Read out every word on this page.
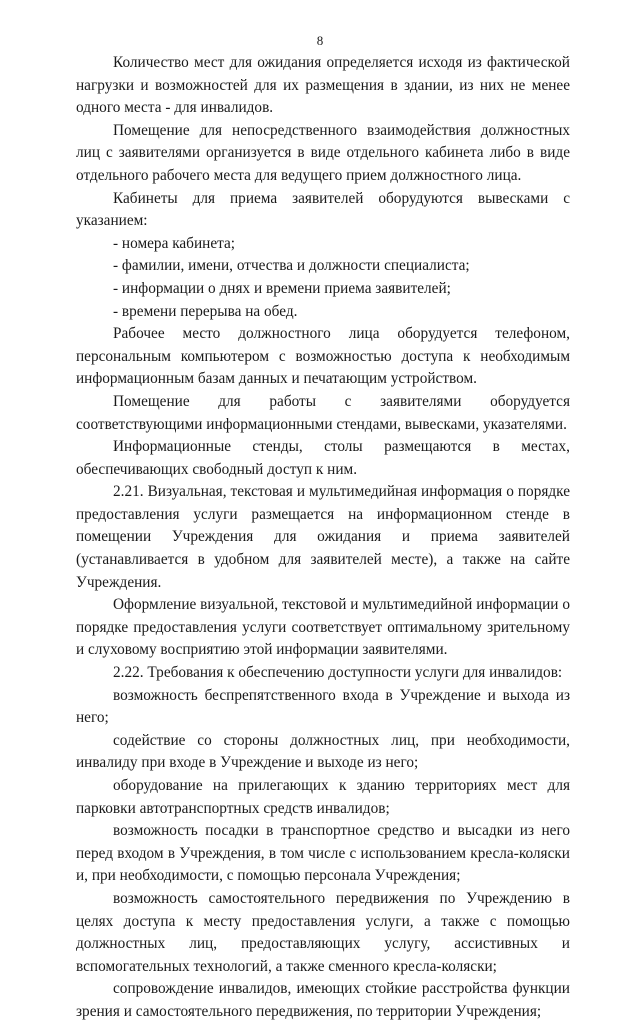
8

Количество мест для ожидания определяется исходя из фактической нагрузки и возможностей для их размещения в здании, из них не менее одного места - для инвалидов.

Помещение для непосредственного взаимодействия должностных лиц с заявителями организуется в виде отдельного кабинета либо в виде отдельного рабочего места для ведущего прием должностного лица.

Кабинеты для приема заявителей оборудуются вывесками с указанием:

- номера кабинета;

- фамилии, имени, отчества и должности специалиста;

- информации о днях и времени приема заявителей;

- времени перерыва на обед.

Рабочее место должностного лица оборудуется телефоном, персональным компьютером с возможностью доступа к необходимым информационным базам данных и печатающим устройством.

Помещение для работы с заявителями оборудуется соответствующими информационными стендами, вывесками, указателями.

Информационные стенды, столы размещаются в местах, обеспечивающих свободный доступ к ним.

2.21. Визуальная, текстовая и мультимедийная информация о порядке предоставления услуги размещается на информационном стенде в помещении Учреждения для ожидания и приема заявителей (устанавливается в удобном для заявителей месте), а также на сайте Учреждения.

Оформление визуальной, текстовой и мультимедийной информации о порядке предоставления услуги соответствует оптимальному зрительному и слуховому восприятию этой информации заявителями.

2.22. Требования к обеспечению доступности услуги для инвалидов:

возможность беспрепятственного входа в Учреждение и выхода из него;

содействие со стороны должностных лиц, при необходимости, инвалиду при входе в Учреждение и выходе из него;

оборудование на прилегающих к зданию территориях мест для парковки автотранспортных средств инвалидов;

возможность посадки в транспортное средство и высадки из него перед входом в Учреждения, в том числе с использованием кресла-коляски и, при необходимости, с помощью персонала Учреждения;

возможность самостоятельного передвижения по Учреждению в целях доступа к месту предоставления услуги, а также с помощью должностных лиц, предоставляющих услугу, ассистивных и вспомогательных технологий, а также сменного кресла-коляски;

сопровождение инвалидов, имеющих стойкие расстройства функции зрения и самостоятельного передвижения, по территории Учреждения;
